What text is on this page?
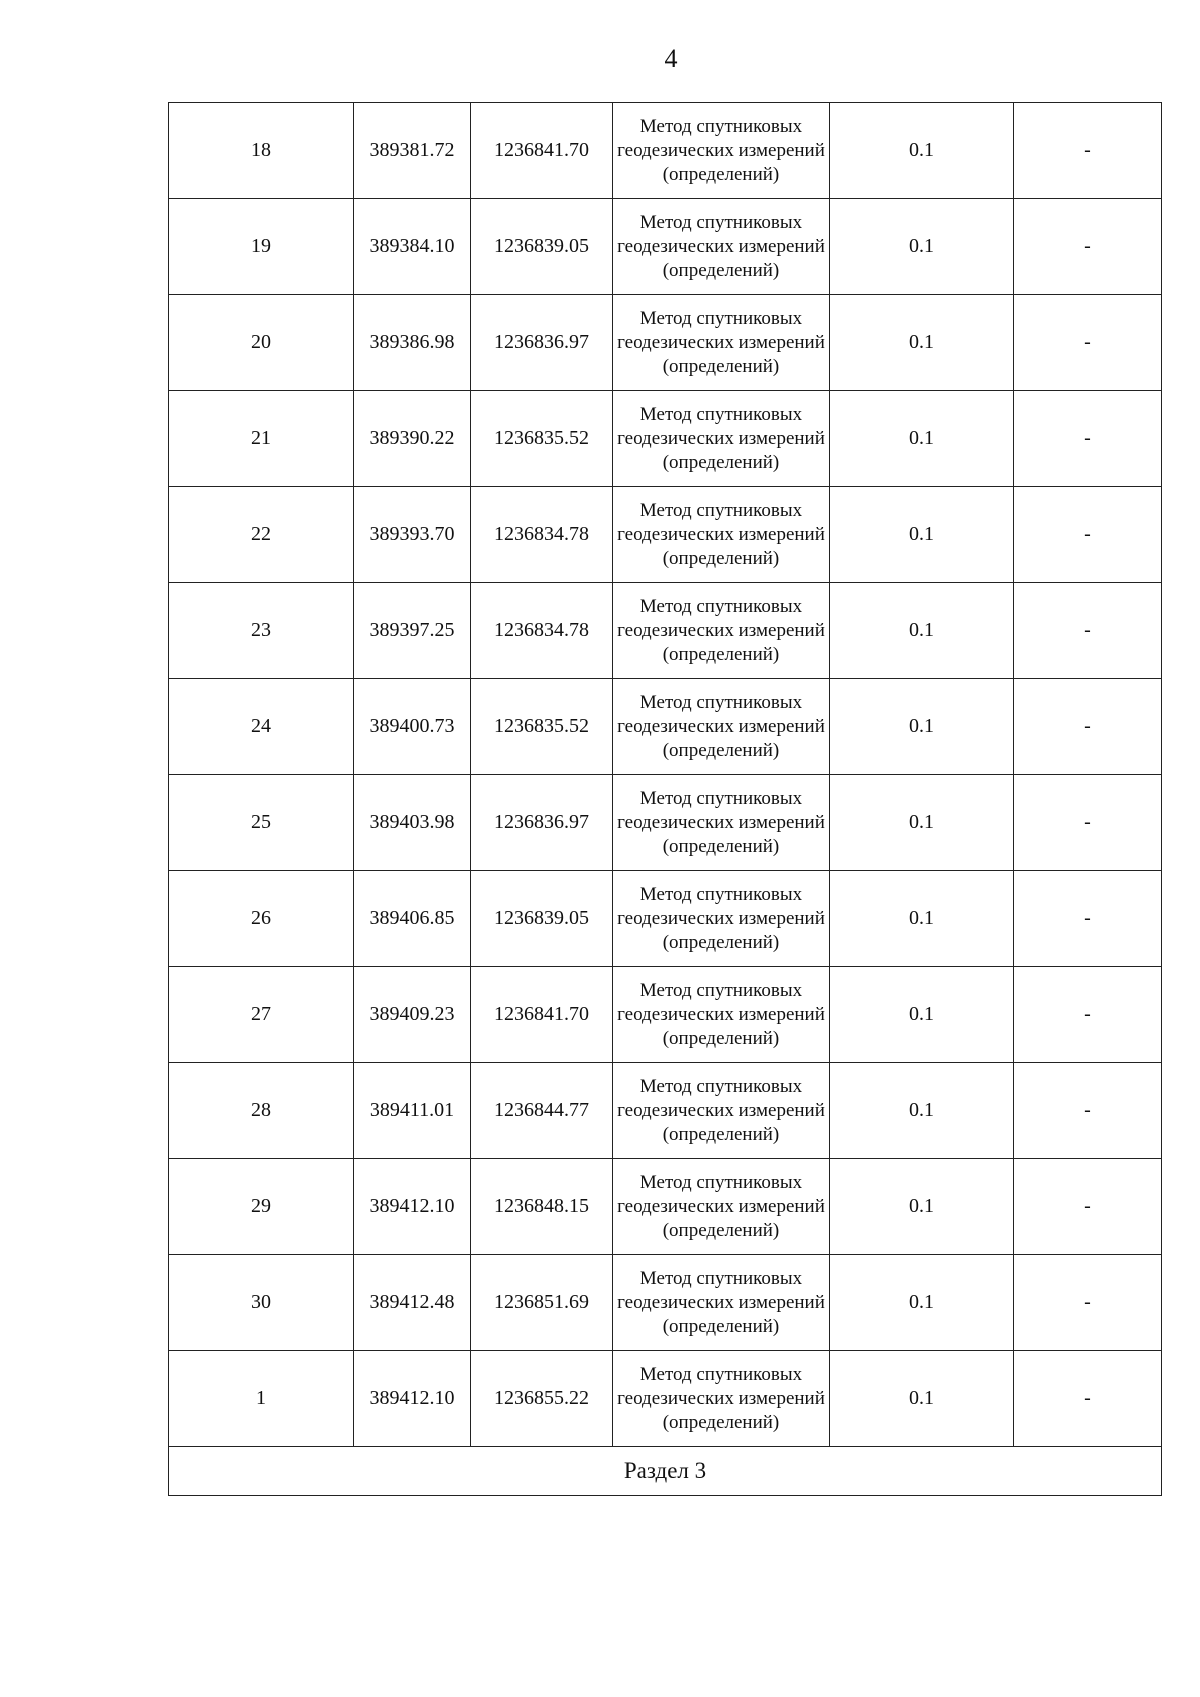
4
18	389381.72	1236841.70	Метод спутниковых геодезических измерений (определений)	0.1	-
19	389384.10	1236839.05	Метод спутниковых геодезических измерений (определений)	0.1	-
20	389386.98	1236836.97	Метод спутниковых геодезических измерений (определений)	0.1	-
21	389390.22	1236835.52	Метод спутниковых геодезических измерений (определений)	0.1	-
22	389393.70	1236834.78	Метод спутниковых геодезических измерений (определений)	0.1	-
23	389397.25	1236834.78	Метод спутниковых геодезических измерений (определений)	0.1	-
24	389400.73	1236835.52	Метод спутниковых геодезических измерений (определений)	0.1	-
25	389403.98	1236836.97	Метод спутниковых геодезических измерений (определений)	0.1	-
26	389406.85	1236839.05	Метод спутниковых геодезических измерений (определений)	0.1	-
27	389409.23	1236841.70	Метод спутниковых геодезических измерений (определений)	0.1	-
28	389411.01	1236844.77	Метод спутниковых геодезических измерений (определений)	0.1	-
29	389412.10	1236848.15	Метод спутниковых геодезических измерений (определений)	0.1	-
30	389412.48	1236851.69	Метод спутниковых геодезических измерений (определений)	0.1	-
1	389412.10	1236855.22	Метод спутниковых геодезических измерений (определений)	0.1	-
Раздел 3					
